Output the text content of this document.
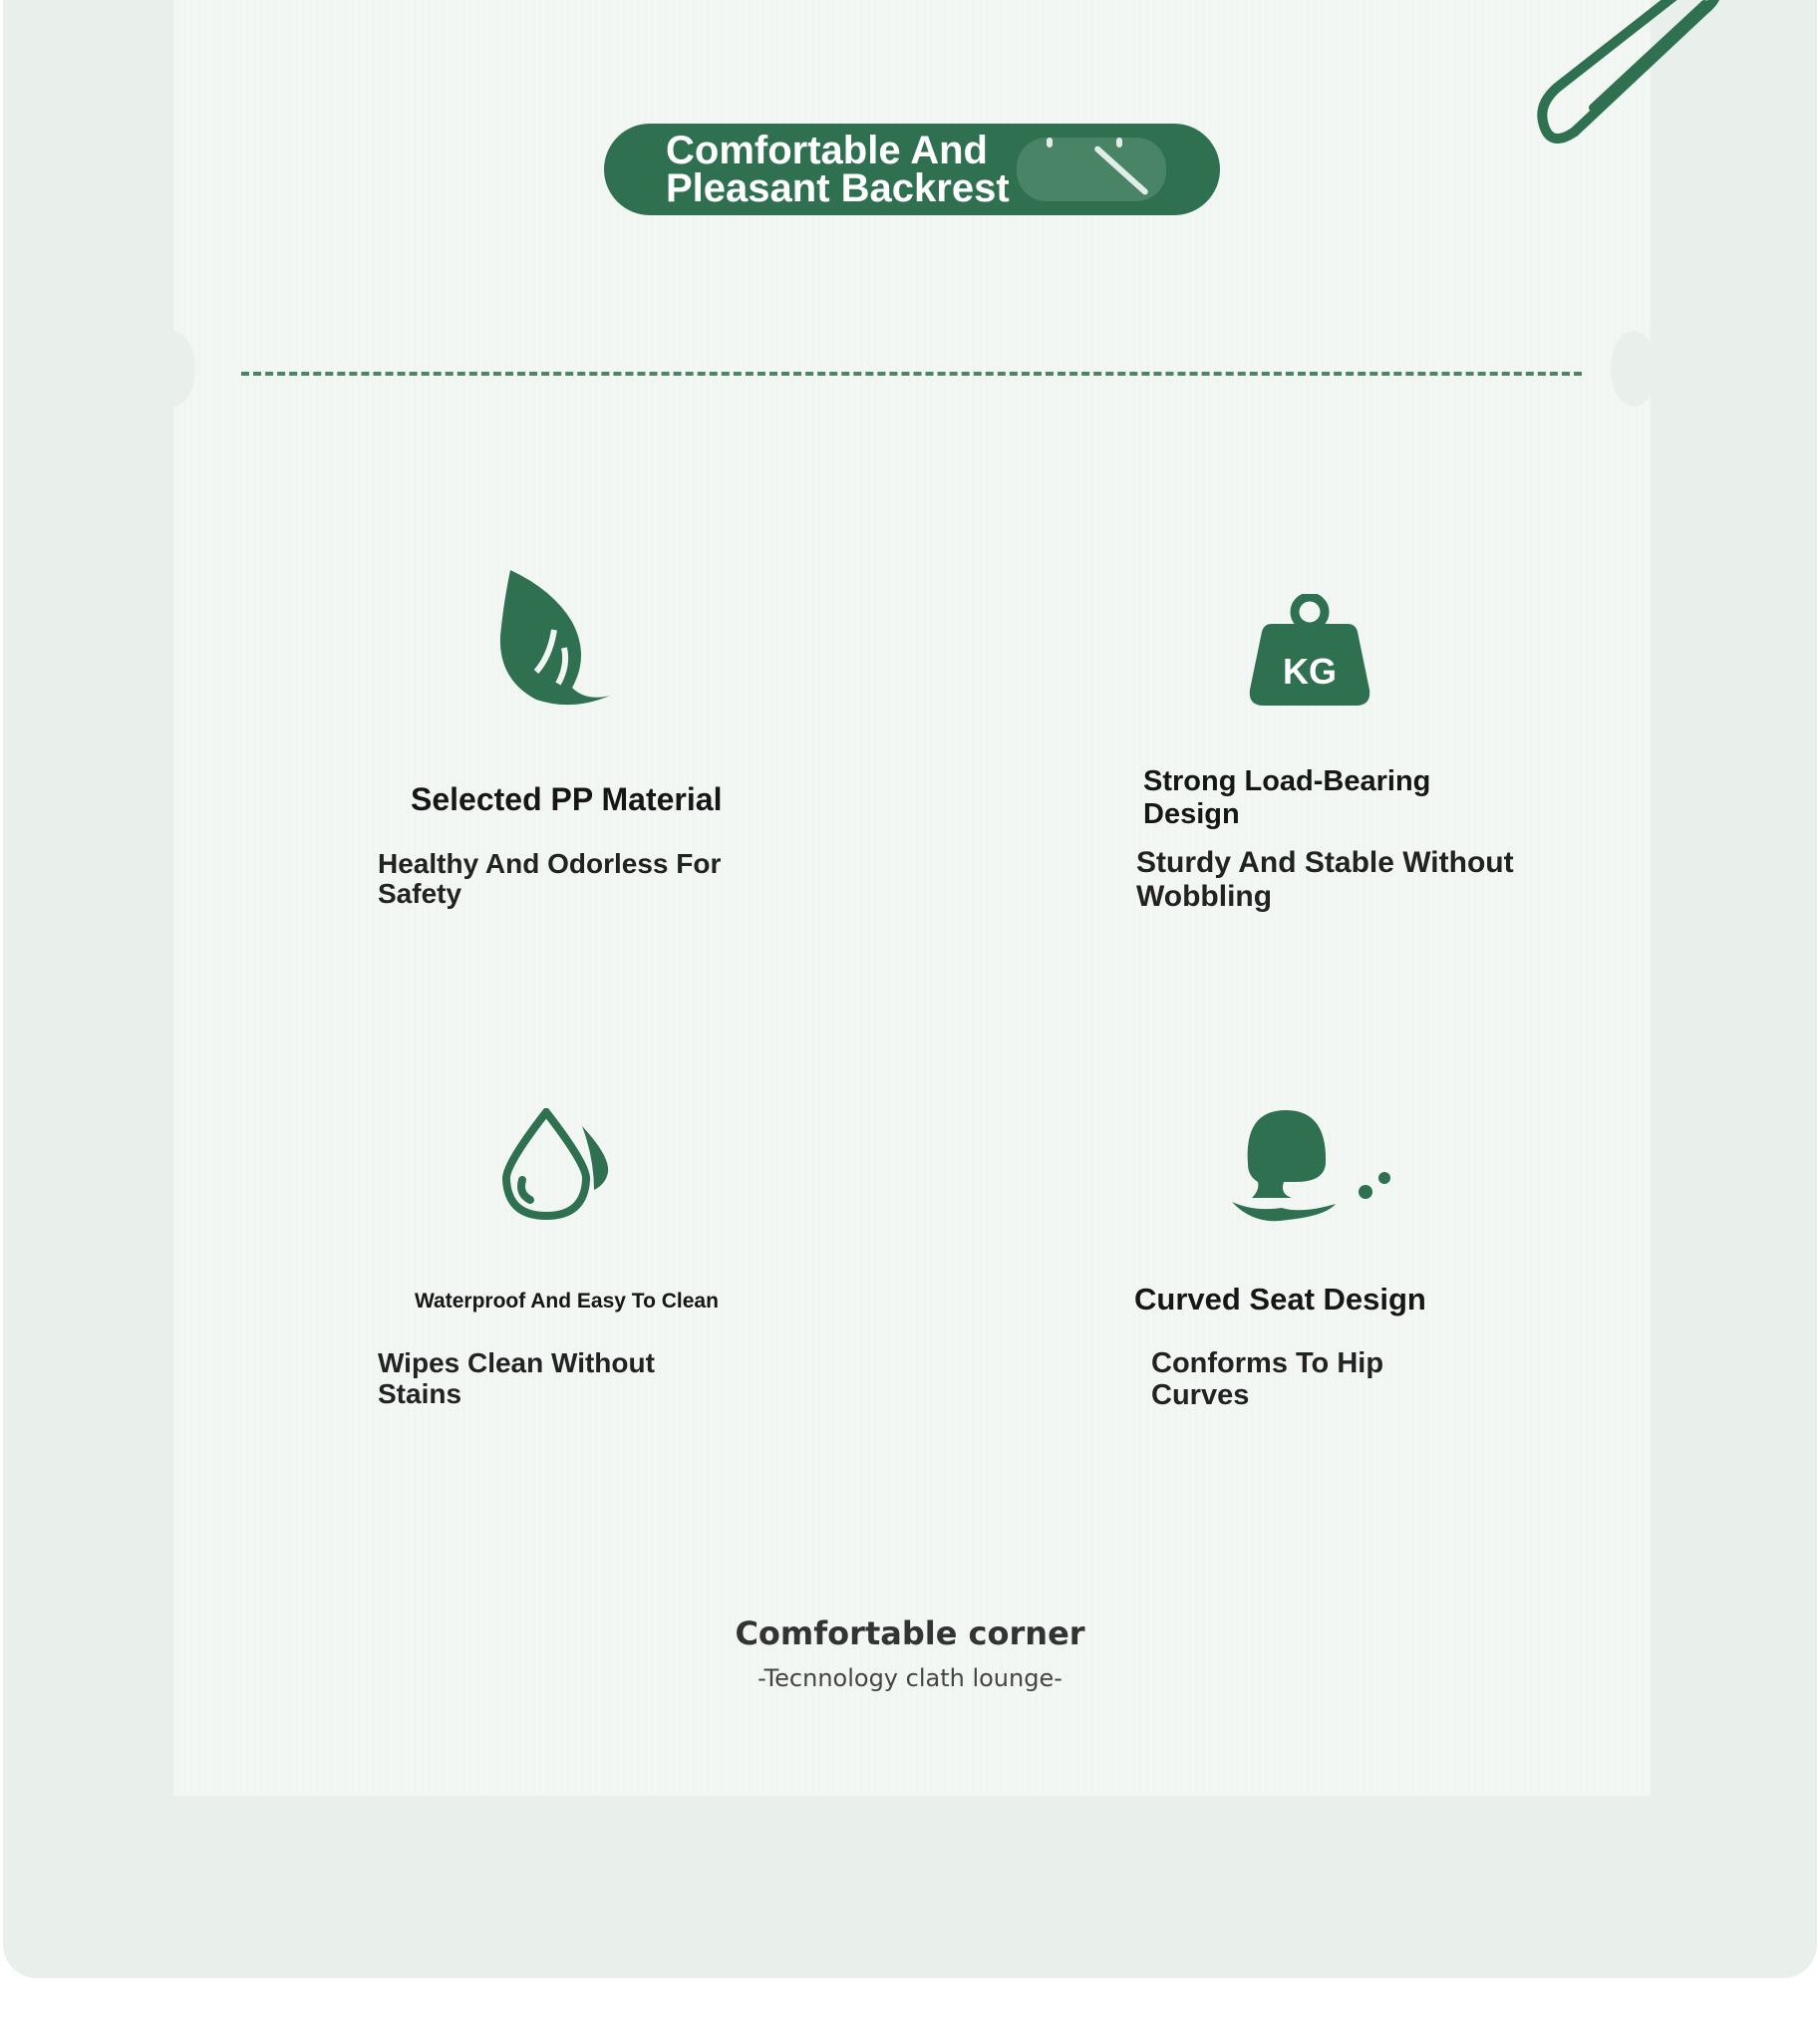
Comfortable And
Pleasant Backrest
Selected PP Material
Healthy And Odorless For
Safety
KG
Strong Load-Bearing
Design
Sturdy And Stable Without
Wobbling
Waterproof And Easy To Clean
Wipes Clean Without
Stains
Curved Seat Design
Conforms To Hip
Curves
Comfortable corner
-Tecnnology clath lounge-
